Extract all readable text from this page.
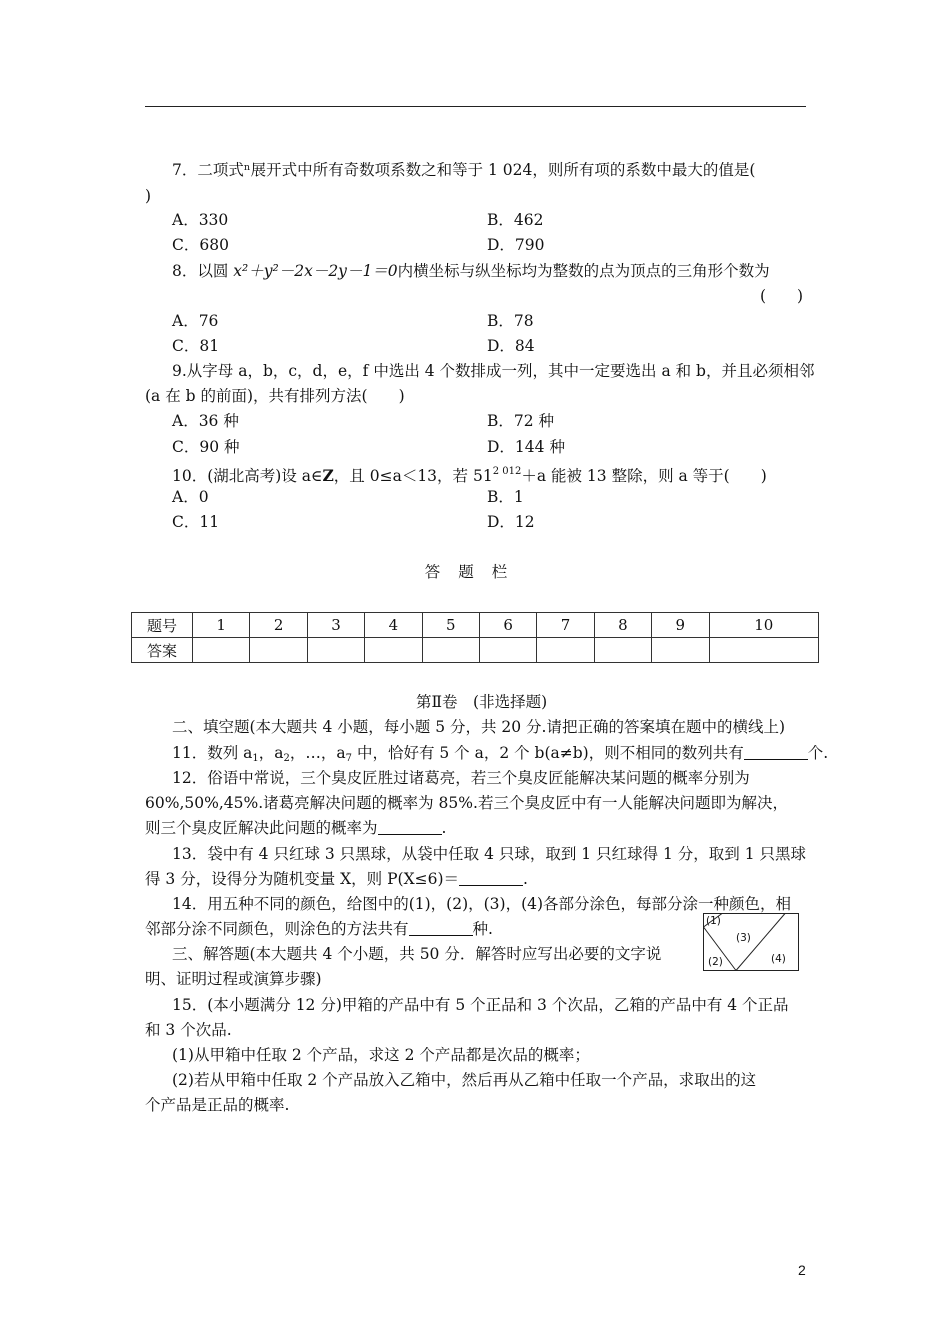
7．二项式ⁿ展开式中所有奇数项系数之和等于 1 024，则所有项的系数中最大的值是(
)
A．330	B．462
C．680	D．790
8．以圆 x²＋y²－2x－2y－1＝0内横坐标与纵坐标均为整数的点为顶点的三角形个数为
(　　)
A．76	B．78
C．81	D．84
9.从字母 a，b，c，d，e，f 中选出 4 个数排成一列，其中一定要选出 a 和 b，并且必须相邻
(a 在 b 的前面)，共有排列方法(　　)
A．36 种	B．72 种
C．90 种	D．144 种
10．(湖北高考)设 a∈Z，且 0≤a＜13，若 $51^{2 012}+a$ 能被 13 整除，则 a 等于(　　)
A．0	B．1
C．11	D．12
答题栏
题号	1	2	3	4	5	6	7	8	9	10
答案										
第Ⅱ卷　(非选择题)
二、填空题(本大题共 4 小题，每小题 5 分，共 20 分.请把正确的答案填在题中的横线上)
11．数列 $a_1$，$a_2$，…，$a_7$ 中，恰好有 5 个 a，2 个 b(a≠b)，则不相同的数列共有	个.
12．俗语中常说，三个臭皮匠胜过诸葛亮，若三个臭皮匠能解决某问题的概率分别为
60%,50%,45%.诸葛亮解决问题的概率为 85%.若三个臭皮匠中有一人能解决问题即为解决，
则三个臭皮匠解决此问题的概率为	.
13．袋中有 4 只红球 3 只黑球，从袋中任取 4 只球，取到 1 只红球得 1 分，取到 1 只黑球
得 3 分，设得分为随机变量 X，则 P(X≤6)＝	.
14．用五种不同的颜色，给图中的(1)，(2)，(3)，(4)各部分涂色，每部分涂一种颜色，相
邻部分涂不同颜色，则涂色的方法共有	种.	(1)
(3)
(2)	(4)
三、解答题(本大题共 4 个小题，共 50 分．解答时应写出必要的文字说
明、证明过程或演算步骤)
15．(本小题满分 12 分)甲箱的产品中有 5 个正品和 3 个次品，乙箱的产品中有 4 个正品
和 3 个次品.
(1)从甲箱中任取 2 个产品，求这 2 个产品都是次品的概率；
(2)若从甲箱中任取 2 个产品放入乙箱中，然后再从乙箱中任取一个产品，求取出的这
个产品是正品的概率.
2
